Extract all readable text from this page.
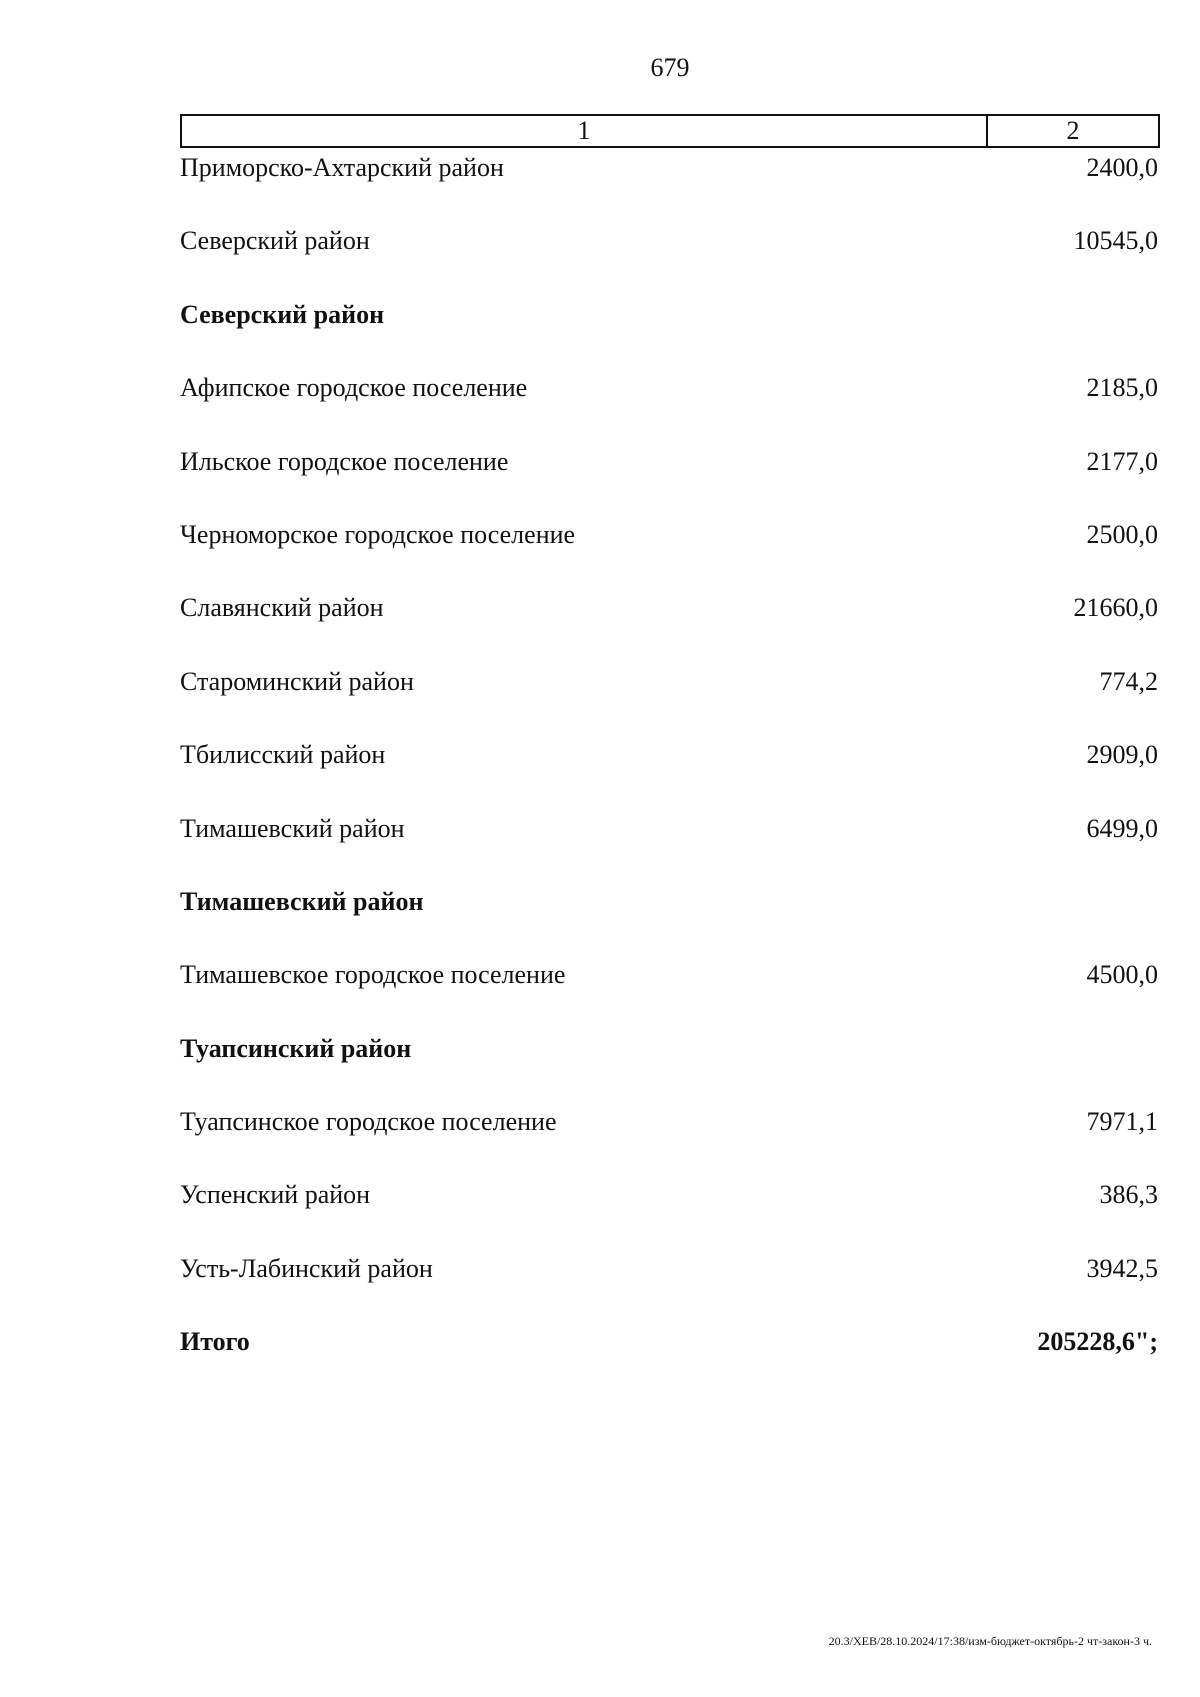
679
1	2
Приморско-Ахтарский район	2400,0
Северский район	10545,0
Северский район
Афипское городское поселение	2185,0
Ильское городское поселение	2177,0
Черноморское городское поселение	2500,0
Славянский район	21660,0
Староминский район	774,2
Тбилисский район	2909,0
Тимашевский район	6499,0
Тимашевский район
Тимашевское городское поселение	4500,0
Туапсинский район
Туапсинское городское поселение	7971,1
Успенский район	386,3
Усть-Лабинский район	3942,5
Итого	205228,6";
20.3/ХЕВ/28.10.2024/17:38/изм-бюджет-октябрь-2 чт-закон-3 ч.
